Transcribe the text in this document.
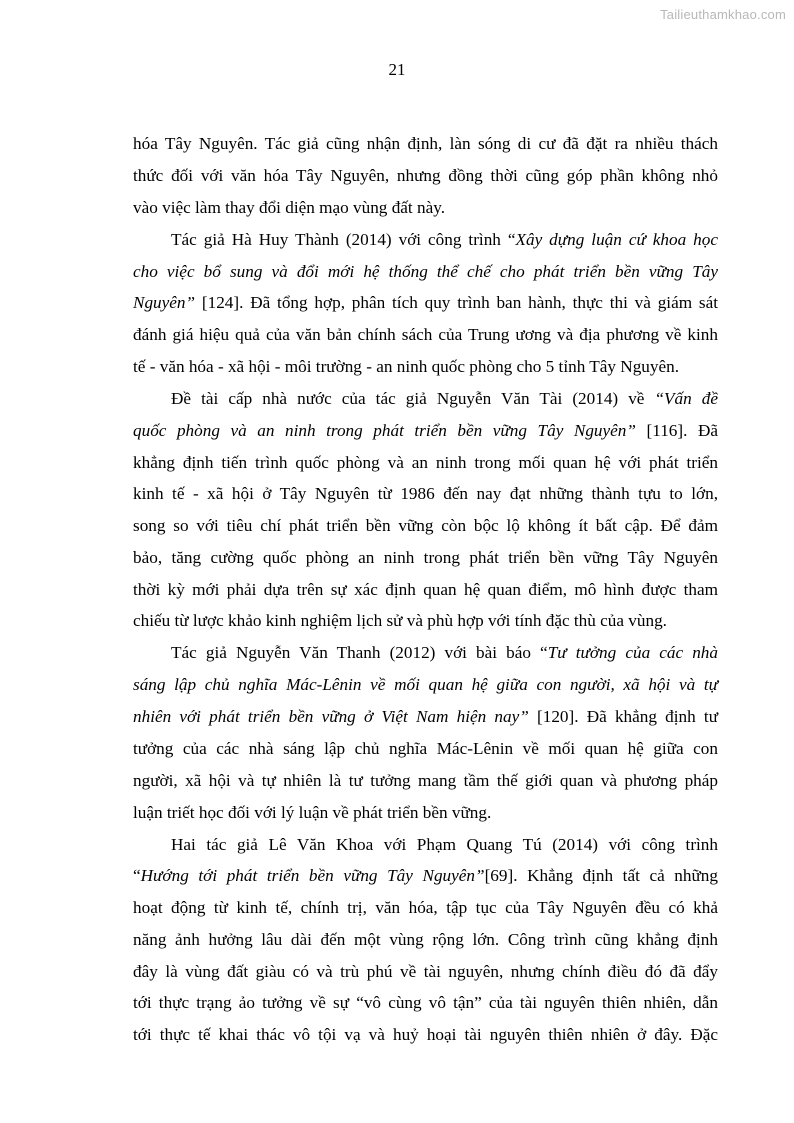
Tailieuthamkhao.com
21
hóa Tây Nguyên. Tác giả cũng nhận định, làn sóng di cư đã đặt ra nhiều thách
thức đối với văn hóa Tây Nguyên, nhưng đồng thời cũng góp phần không nhỏ
vào việc làm thay đổi diện mạo vùng đất này.
Tác giả Hà Huy Thành (2014) với công trình “Xây dựng luận cứ khoa học
cho việc bổ sung và đổi mới hệ thống thể chế cho phát triển bền vững Tây
Nguyên” [124]. Đã tổng hợp, phân tích quy trình ban hành, thực thi và giám sát
đánh giá hiệu quả của văn bản chính sách của Trung ương và địa phương về kinh
tế - văn hóa - xã hội - môi trường - an ninh quốc phòng cho 5 tỉnh Tây Nguyên.
Đề tài cấp nhà nước của tác giả Nguyễn Văn Tài (2014) về “Vấn đề
quốc phòng và an ninh trong phát triển bền vững Tây Nguyên” [116]. Đã
khẳng định tiến trình quốc phòng và an ninh trong mối quan hệ với phát triển
kinh tế - xã hội ở Tây Nguyên từ 1986 đến nay đạt những thành tựu to lớn,
song so với tiêu chí phát triển bền vững còn bộc lộ không ít bất cập. Để đảm
bảo, tăng cường quốc phòng an ninh trong phát triển bền vững Tây Nguyên
thời kỳ mới phải dựa trên sự xác định quan hệ quan điểm, mô hình được tham
chiếu từ lược khảo kinh nghiệm lịch sử và phù hợp với tính đặc thù của vùng.
Tác giả Nguyễn Văn Thanh (2012) với bài báo “Tư tưởng của các nhà
sáng lập chủ nghĩa Mác-Lênin về mối quan hệ giữa con người, xã hội và tự
nhiên với phát triển bền vững ở Việt Nam hiện nay” [120]. Đã khẳng định tư
tưởng của các nhà sáng lập chủ nghĩa Mác-Lênin về mối quan hệ giữa con
người, xã hội và tự nhiên là tư tưởng mang tầm thế giới quan và phương pháp
luận triết học đối với lý luận về phát triển bền vững.
Hai tác giả Lê Văn Khoa với Phạm Quang Tú (2014) với công trình
“Hướng tới phát triển bền vững Tây Nguyên”[69]. Khẳng định tất cả những
hoạt động từ kinh tế, chính trị, văn hóa, tập tục của Tây Nguyên đều có khả
năng ảnh hưởng lâu dài đến một vùng rộng lớn. Công trình cũng khẳng định
đây là vùng đất giàu có và trù phú về tài nguyên, nhưng chính điều đó đã đẩy
tới thực trạng ảo tưởng về sự “vô cùng vô tận” của tài nguyên thiên nhiên, dẫn
tới thực tế khai thác vô tội vạ và huỷ hoại tài nguyên thiên nhiên ở đây. Đặc
